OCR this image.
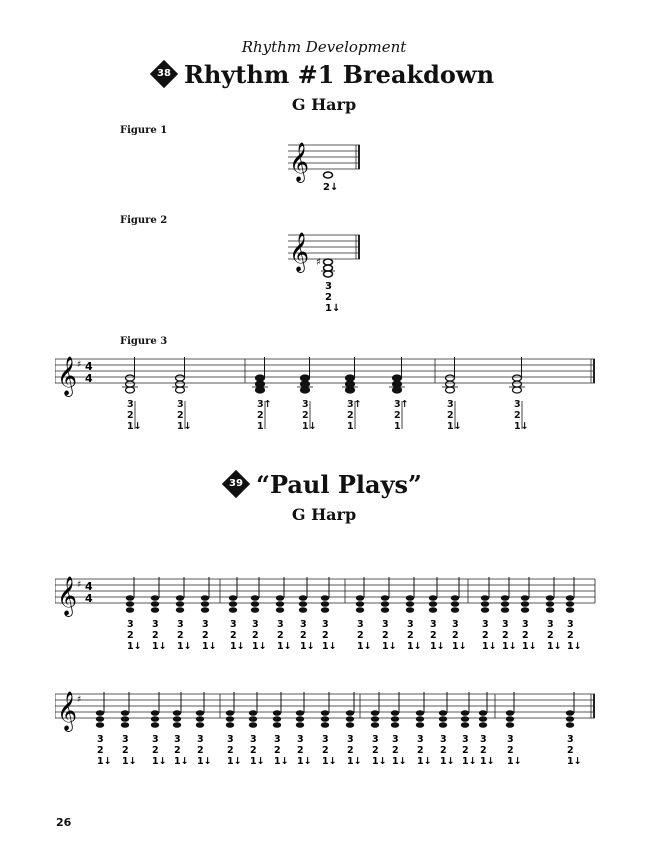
Rhythm Development
38 Rhythm #1 Breakdown
G Harp
Figure 1
Figure 2
Figure 3
𝄞
2↓
𝄞 ♯
3
2
1↓
𝄞 ♯ 4
4
3
2
1↓
3
2
1↓
3↑
2
1
3
2
1↓
3↑
2
1
3↑
2
1
3
2
1↓
3
2
1↓
39 “Paul Plays”
G Harp
𝄞 ♯ 4
4
3
2
1↓
3
2
1↓
3
2
1↓
3
2
1↓
3
2
1↓
3
2
1↓
3
2
1↓
3
2
1↓
3
2
1↓
3
2
1↓
3
2
1↓
3
2
1↓
3
2
1↓
3
2
1↓
3
2
1↓
3
2
1↓
3
2
1↓
3
2
1↓
3
2
1↓
𝄞 ♯
3
2
1↓
3
2
1↓
3
2
1↓
3
2
1↓
3
2
1↓
3
2
1↓
3
2
1↓
3
2
1↓
3
2
1↓
3
2
1↓
3
2
1↓
3
2
1↓
3
2
1↓
3
2
1↓
3
2
1↓
3
2
1↓
3
2
1↓
3
2
1↓
3
2
1↓
26
